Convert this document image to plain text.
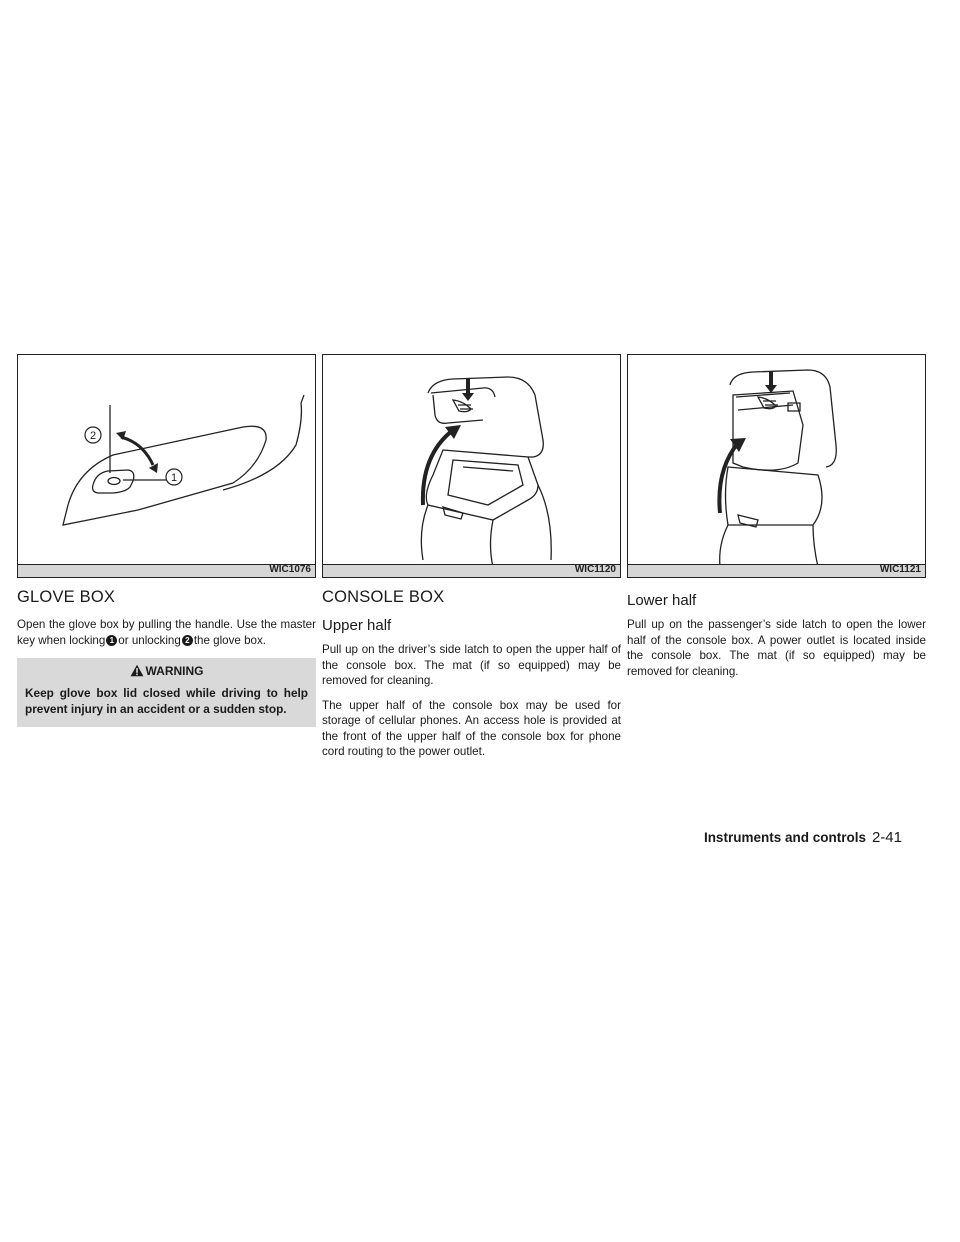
2
1
WIC1076
GLOVE BOX

Open the glove box by pulling the handle. Use the master key when locking 1 or unlocking 2 the glove box.

WARNING
Keep glove box lid closed while driving to help prevent injury in an accident or a sudden stop.
WIC1120
CONSOLE BOX
Upper half

Pull up on the driver’s side latch to open the upper half of the console box. The mat (if so equipped) may be removed for cleaning.

The upper half of the console box may be used for storage of cellular phones. An access hole is provided at the front of the upper half of the console box for phone cord routing to the power outlet.

WIC1121
Lower half

Pull up on the passenger’s side latch to open the lower half of the console box. A power outlet is located inside the console box. The mat (if so equipped) may be removed for cleaning.

Instruments and controls 2-41
